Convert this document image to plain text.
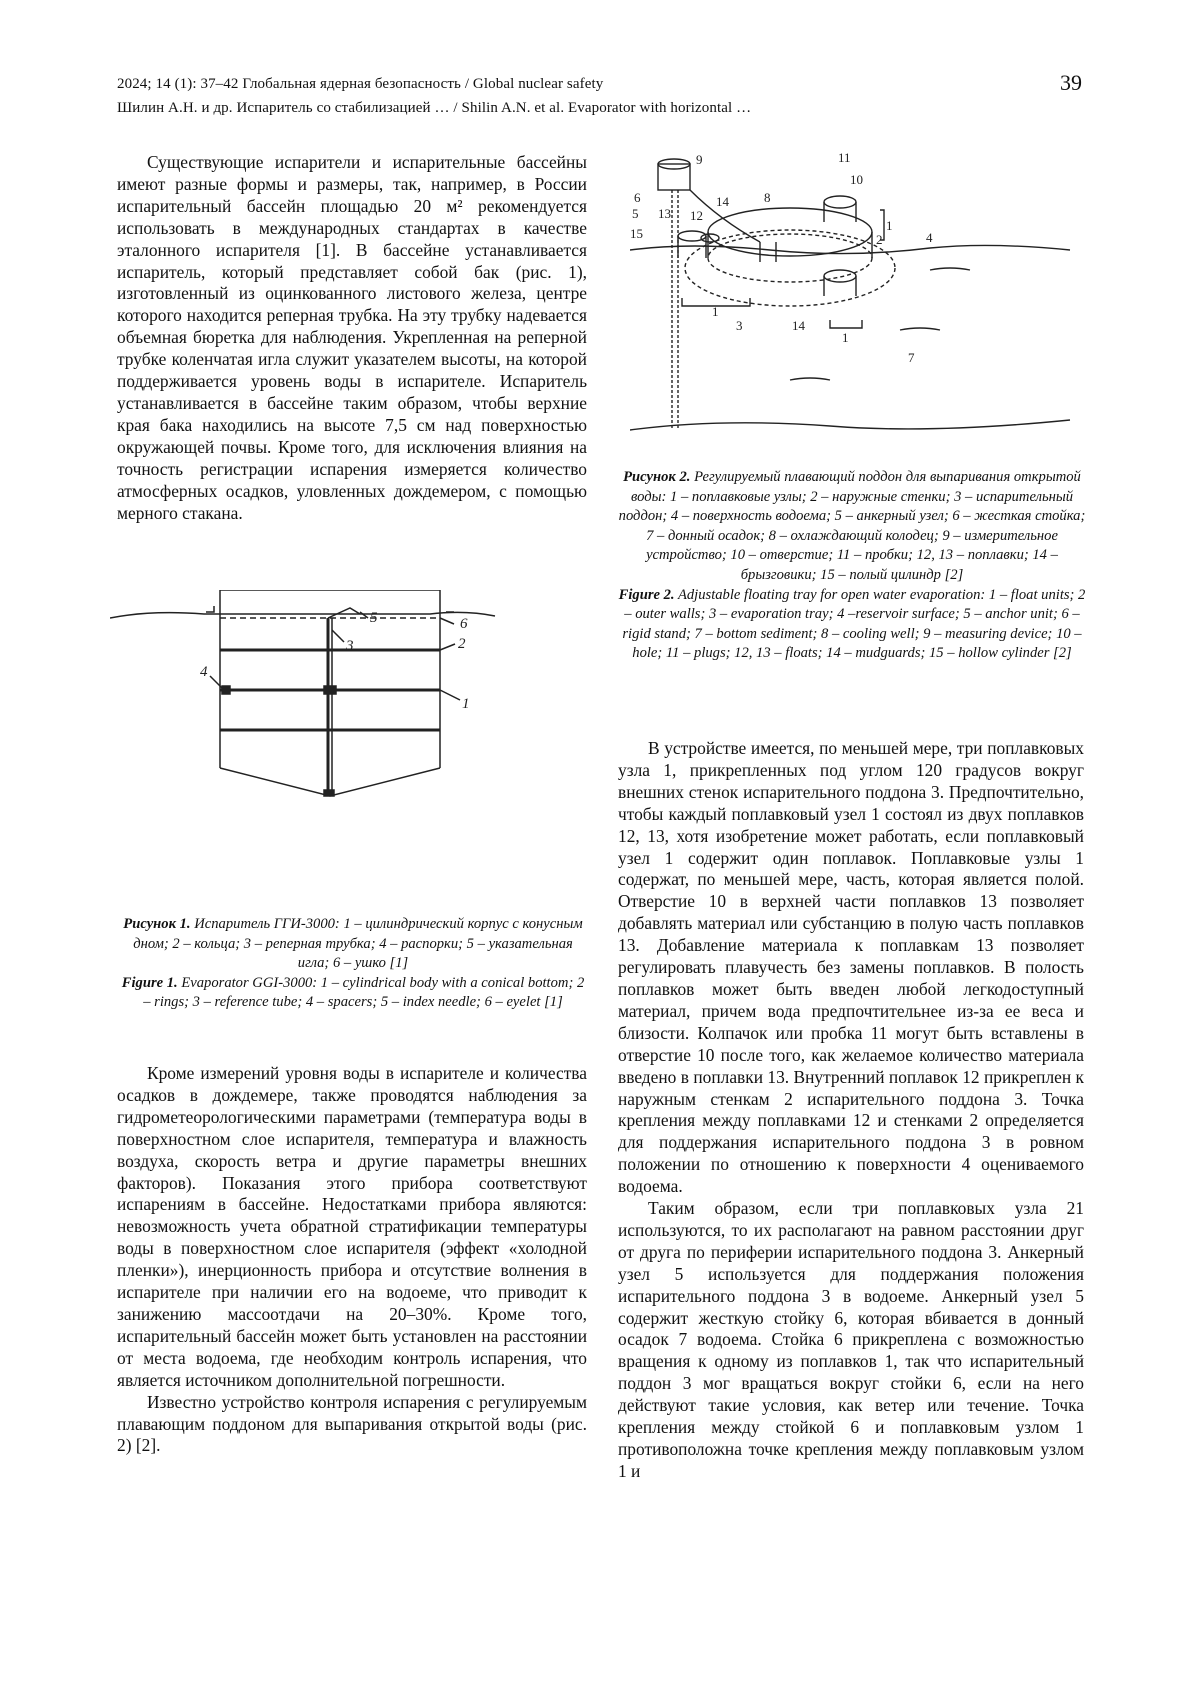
2024; 14 (1): 37–42 Глобальная ядерная безопасность / Global nuclear safety
Шилин А.Н. и др. Испаритель со стабилизацией … / Shilin A.N. et al. Evaporator with horizontal …
39

Существующие испарители и испарительные бассейны имеют разные формы и размеры, так, например, в России испарительный бассейн площадью 20 м² рекомендуется использовать в международных стандартах в качестве эталонного испарителя [1]. В бассейне устанавливается испаритель, который представляет собой бак (рис. 1), изготовленный из оцинкованного листового железа, центре которого находится реперная трубка. На эту трубку надевается объемная бюретка для наблюдения. Укрепленная на реперной трубке коленчатая игла служит указателем высоты, на которой поддерживается уровень воды в испарителе. Испаритель устанавливается в бассейне таким образом, чтобы верхние края бака находились на высоте 7,5 см над поверхностью окружающей почвы. Кроме того, для исключения влияния на точность регистрации испарения измеряется количество атмосферных осадков, уловленных дождемером, с помощью мерного стакана.

1
2
3
4
5	6
Рисунок 1. Испаритель ГГИ-3000: 1 – цилиндрический корпус с конусным дном; 2 – кольца; 3 – реперная трубка; 4 – распорки; 5 – указательная игла; 6 – ушко [1]
Figure 1. Evaporator GGI-3000: 1 – cylindrical body with a conical bottom; 2 – rings; 3 – reference tube; 4 – spacers; 5 – index needle; 6 – eyelet [1]

Кроме измерений уровня воды в испарителе и количества осадков в дождемере, также проводятся наблюдения за гидрометеорологическими параметрами (температура воды в поверхностном слое испарителя, температура и влажность воздуха, скорость ветра и другие параметры внешних факторов). Показания этого прибора соответствуют испарениям в бассейне. Недостатками прибора являются: невозможность учета обратной стратификации температуры воды в поверхностном слое испарителя (эффект «холодной пленки»), инерционность прибора и отсутствие волнения в испарителе при наличии его на водоеме, что приводит к занижению массоотдачи на 20–30%. Кроме того, испарительный бассейн может быть установлен на расстоянии от места водоема, где необходим контроль испарения, что является источником дополнительной погрешности.

Известно устройство контроля испарения с регулируемым плавающим поддоном для выпаривания открытой воды (рис. 2) [2].

1
1
1
2
3
4
5
6
7
8
9
10
11
12
13
14
14
15
Рисунок 2. Регулируемый плавающий поддон для выпаривания открытой воды: 1 – поплавковые узлы; 2 – наружные стенки; 3 – испарительный поддон; 4 – поверхность водоема; 5 – анкерный узел; 6 – жесткая стойка; 7 – донный осадок; 8 – охлаждающий колодец; 9 – измерительное устройство; 10 – отверстие; 11 – пробки; 12, 13 – поплавки; 14 – брызговики; 15 – полый цилиндр [2]
Figure 2. Adjustable floating tray for open water evaporation: 1 – float units; 2 – outer walls; 3 – evaporation tray; 4 –reservoir surface; 5 – anchor unit; 6 – rigid stand; 7 – bottom sediment; 8 – cooling well; 9 – measuring device; 10 – hole; 11 – plugs; 12, 13 – floats; 14 – mudguards; 15 – hollow cylinder [2]

В устройстве имеется, по меньшей мере, три поплавковых узла 1, прикрепленных под углом 120 градусов вокруг внешних стенок испарительного поддона 3. Предпочтительно, чтобы каждый поплавковый узел 1 состоял из двух поплавков 12, 13, хотя изобретение может работать, если поплавковый узел 1 содержит один поплавок. Поплавковые узлы 1 содержат, по меньшей мере, часть, которая является полой. Отверстие 10 в верхней части поплавков 13 позволяет добавлять материал или субстанцию в полую часть поплавков 13. Добавление материала к поплавкам 13 позволяет регулировать плавучесть без замены поплавков. В полость поплавков может быть введен любой легкодоступный материал, причем вода предпочтительнее из-за ее веса и близости. Колпачок или пробка 11 могут быть вставлены в отверстие 10 после того, как желаемое количество материала введено в поплавки 13. Внутренний поплавок 12 прикреплен к наружным стенкам 2 испарительного поддона 3. Точка крепления между поплавками 12 и стенками 2 определяется для поддержания испарительного поддона 3 в ровном положении по отношению к поверхности 4 оцениваемого водоема.

Таким образом, если три поплавковых узла 21 используются, то их располагают на равном расстоянии друг от друга по периферии испарительного поддона 3. Анкерный узел 5 используется для поддержания положения испарительного поддона 3 в водоеме. Анкерный узел 5 содержит жесткую стойку 6, которая вбивается в донный осадок 7 водоема. Стойка 6 прикреплена с возможностью вращения к одному из поплавков 1, так что испарительный поддон 3 мог вращаться вокруг стойки 6, если на него действуют такие условия, как ветер или течение. Точка крепления между стойкой 6 и поплавковым узлом 1 противоположна точке крепления между поплавковым узлом 1 и
